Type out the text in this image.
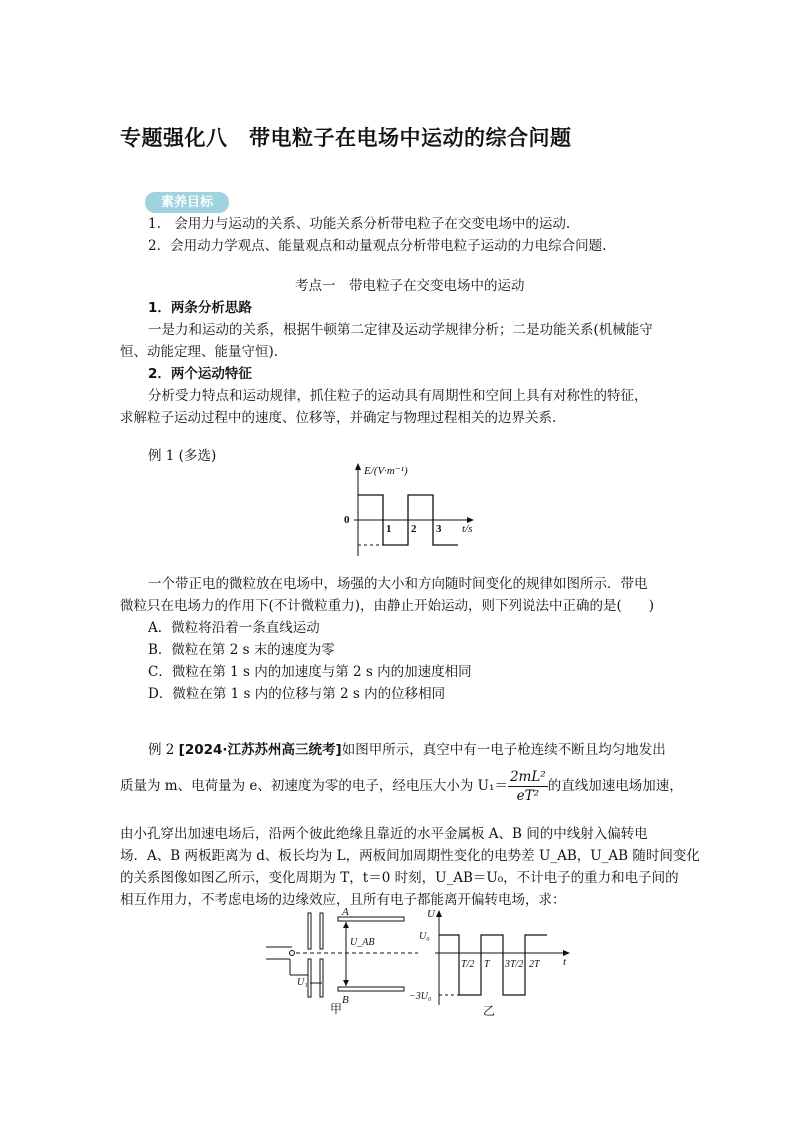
专题强化八　带电粒子在电场中运动的综合问题
素养目标
1.　会用力与运动的关系、功能关系分析带电粒子在交变电场中的运动.
2．会用动力学观点、能量观点和动量观点分析带电粒子运动的力电综合问题.
考点一　带电粒子在交变电场中的运动
1．两条分析思路
一是力和运动的关系，根据牛顿第二定律及运动学规律分析；二是功能关系(机械能守
恒、动能定理、能量守恒).
2．两个运动特征
分析受力特点和运动规律，抓住粒子的运动具有周期性和空间上具有对称性的特征，
求解粒子运动过程中的速度、位移等，并确定与物理过程相关的边界关系.
例 1 (多选)
E/(V·m⁻¹)
t/s
0
1 2 3
一个带正电的微粒放在电场中，场强的大小和方向随时间变化的规律如图所示．带电
微粒只在电场力的作用下(不计微粒重力)，由静止开始运动，则下列说法中正确的是(　　)
A．微粒将沿着一条直线运动
B．微粒在第 2 s 末的速度为零
C．微粒在第 1 s 内的加速度与第 2 s 内的加速度相同
D．微粒在第 1 s 内的位移与第 2 s 内的位移相同
例 2 [2024·江苏苏州高三统考]如图甲所示，真空中有一电子枪连续不断且均匀地发出
质量为 m、电荷量为 e、初速度为零的电子，经电压大小为 $U_1= \frac{\text{2mL²}}{\text{eT²}}$ 的直线加速电场加速，
由小孔穿出加速电场后，沿两个彼此绝缘且靠近的水平金属板 A、B 间的中线射入偏转电
场．A、B 两板距离为 d、板长均为 L，两板间加周期性变化的电势差 U_AB，U_AB 随时间变化
的关系图像如图乙所示，变化周期为 T，t＝0 时刻，U_AB＝U₀，不计电子的重力和电子间的
相互作用力，不考虑电场的边缘效应，且所有电子都能离开偏转电场，求：
A
B
U_AB
U₁
甲
U
t
U₀
−3U₀
T/2 T 3T/2 2T
乙
